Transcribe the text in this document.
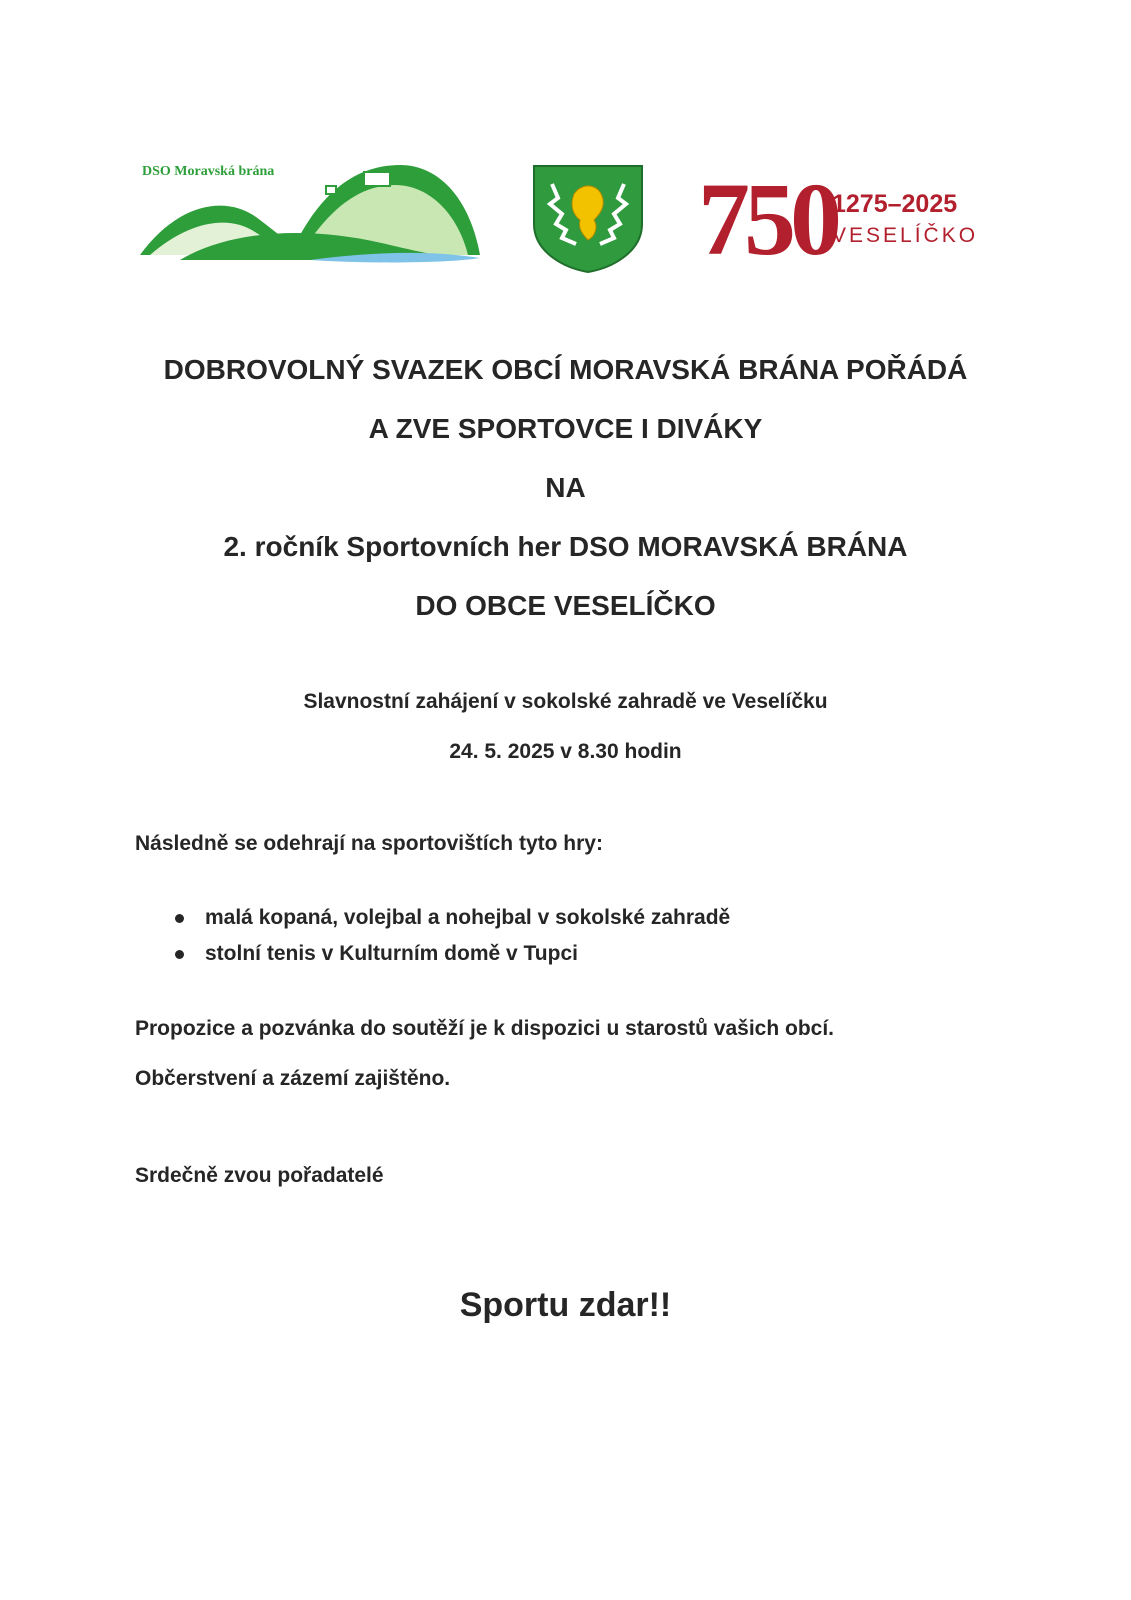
DSO Moravská brána	750
1275–2025
VESELÍČKO
DOBROVOLNÝ SVAZEK OBCÍ MORAVSKÁ BRÁNA POŘÁDÁ
A ZVE SPORTOVCE I DIVÁKY
NA
2. ročník Sportovních her DSO MORAVSKÁ BRÁNA
DO OBCE VESELÍČKO
Slavnostní zahájení v sokolské zahradě ve Veselíčku
24. 5. 2025 v 8.30 hodin
Následně se odehrají na sportovištích tyto hry:
malá kopaná, volejbal a nohejbal v sokolské zahradě
stolní tenis v Kulturním domě v Tupci
Propozice a pozvánka do soutěží je k dispozici u starostů vašich obcí.
Občerstvení a zázemí zajištěno.
Srdečně zvou pořadatelé
Sportu zdar!!
